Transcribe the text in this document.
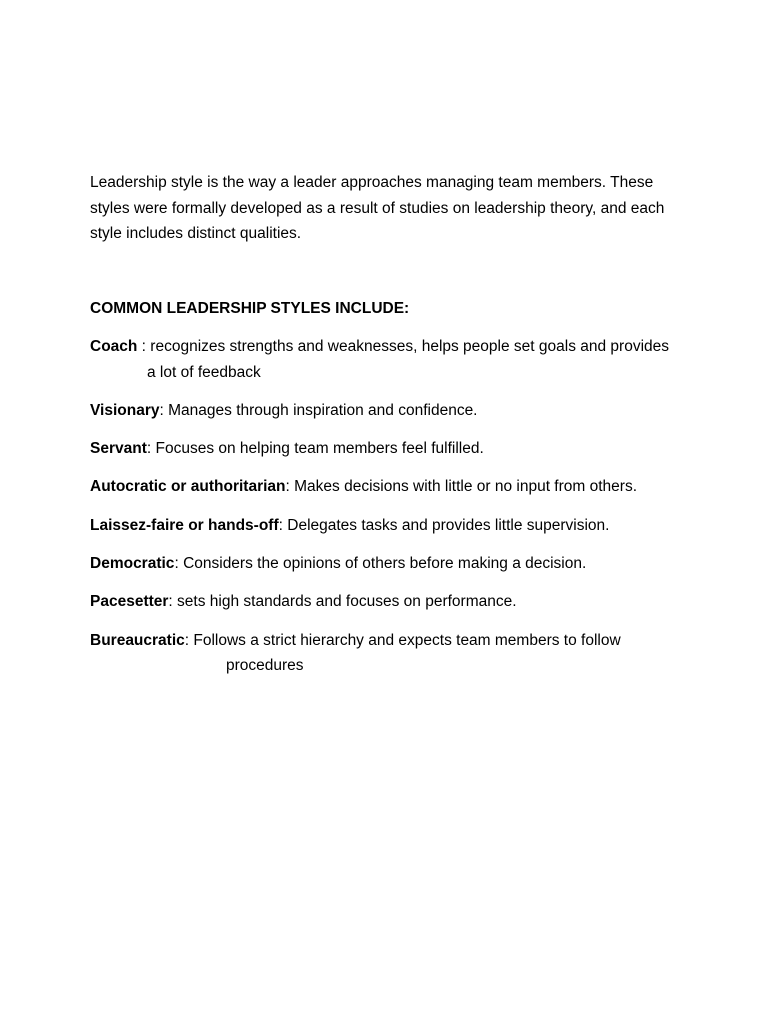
Leadership style is the way a leader approaches managing team members. These styles were formally developed as a result of studies on leadership theory, and each style includes distinct qualities.

COMMON LEADERSHIP STYLES INCLUDE:

Coach : recognizes strengths and weaknesses, helps people set goals and provides
a lot of feedback
Visionary: Manages through inspiration and confidence.
Servant: Focuses on helping team members feel fulfilled.
Autocratic or authoritarian: Makes decisions with little or no input from others.
Laissez-faire or hands-off: Delegates tasks and provides little supervision.
Democratic: Considers the opinions of others before making a decision.
Pacesetter: sets high standards and focuses on performance.
Bureaucratic: Follows a strict hierarchy and expects team members to follow
procedures
